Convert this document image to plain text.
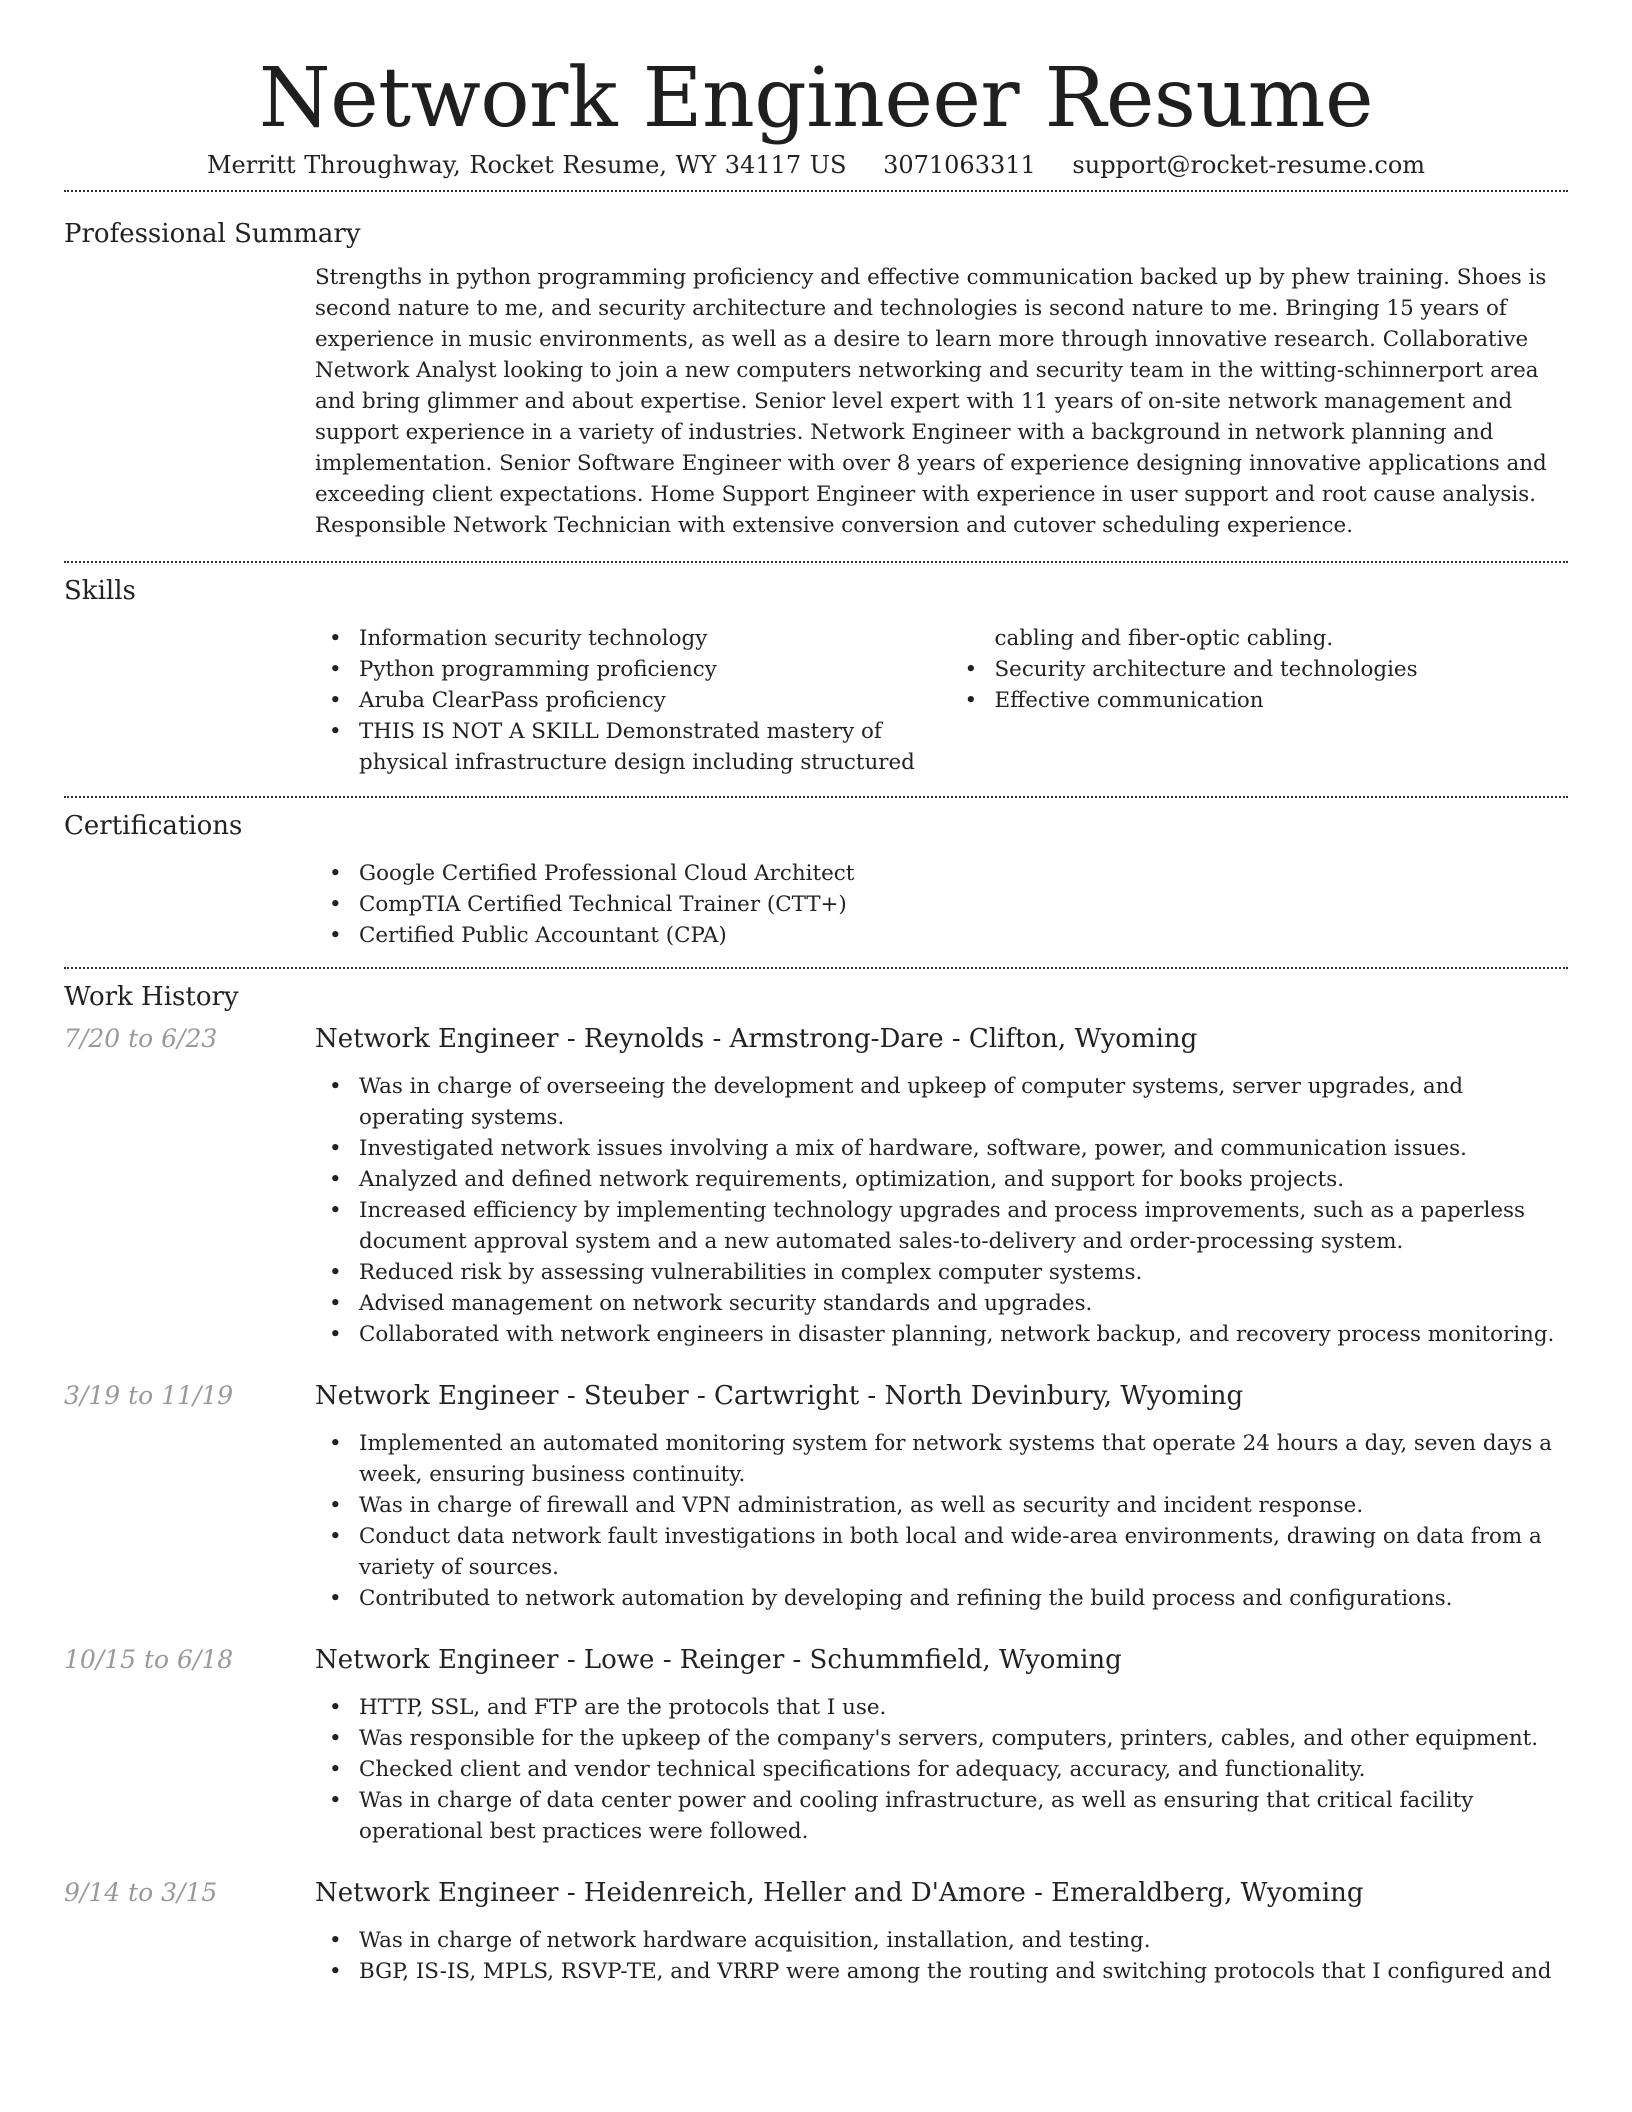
Network Engineer Resume
Merritt Throughway, Rocket Resume, WY 34117 US 3071063311 support@rocket-resume.com
Professional Summary
Strengths in python programming proficiency and effective communication backed up by phew training. Shoes is second nature to me, and security architecture and technologies is second nature to me. Bringing 15 years of experience in music environments, as well as a desire to learn more through innovative research. Collaborative Network Analyst looking to join a new computers networking and security team in the witting-schinnerport area and bring glimmer and about expertise. Senior level expert with 11 years of on-site network management and support experience in a variety of industries. Network Engineer with a background in network planning and implementation. Senior Software Engineer with over 8 years of experience designing innovative applications and exceeding client expectations. Home Support Engineer with experience in user support and root cause analysis. Responsible Network Technician with extensive conversion and cutover scheduling experience.
Skills
• Information security technology
• Python programming proficiency
• Aruba ClearPass proficiency
• THIS IS NOT A SKILL Demonstrated mastery of physical infrastructure design including structured cabling and fiber-optic cabling.
• Security architecture and technologies
• Effective communication
Certifications
• Google Certified Professional Cloud Architect
• CompTIA Certified Technical Trainer (CTT+)
• Certified Public Accountant (CPA)
Work History
7/20 to 6/23	Network Engineer - Reynolds - Armstrong-Dare - Clifton, Wyoming
• Was in charge of overseeing the development and upkeep of computer systems, server upgrades, and operating systems.
• Investigated network issues involving a mix of hardware, software, power, and communication issues.
• Analyzed and defined network requirements, optimization, and support for books projects.
• Increased efficiency by implementing technology upgrades and process improvements, such as a paperless document approval system and a new automated sales-to-delivery and order-processing system.
• Reduced risk by assessing vulnerabilities in complex computer systems.
• Advised management on network security standards and upgrades.
• Collaborated with network engineers in disaster planning, network backup, and recovery process monitoring.
3/19 to 11/19	Network Engineer - Steuber - Cartwright - North Devinbury, Wyoming
• Implemented an automated monitoring system for network systems that operate 24 hours a day, seven days a week, ensuring business continuity.
• Was in charge of firewall and VPN administration, as well as security and incident response.
• Conduct data network fault investigations in both local and wide-area environments, drawing on data from a variety of sources.
• Contributed to network automation by developing and refining the build process and configurations.
10/15 to 6/18	Network Engineer - Lowe - Reinger - Schummfield, Wyoming
• HTTP, SSL, and FTP are the protocols that I use.
• Was responsible for the upkeep of the company's servers, computers, printers, cables, and other equipment.
• Checked client and vendor technical specifications for adequacy, accuracy, and functionality.
• Was in charge of data center power and cooling infrastructure, as well as ensuring that critical facility operational best practices were followed.
9/14 to 3/15	Network Engineer - Heidenreich, Heller and D'Amore - Emeraldberg, Wyoming
• Was in charge of network hardware acquisition, installation, and testing.
• BGP, IS-IS, MPLS, RSVP-TE, and VRRP were among the routing and switching protocols that I configured and
